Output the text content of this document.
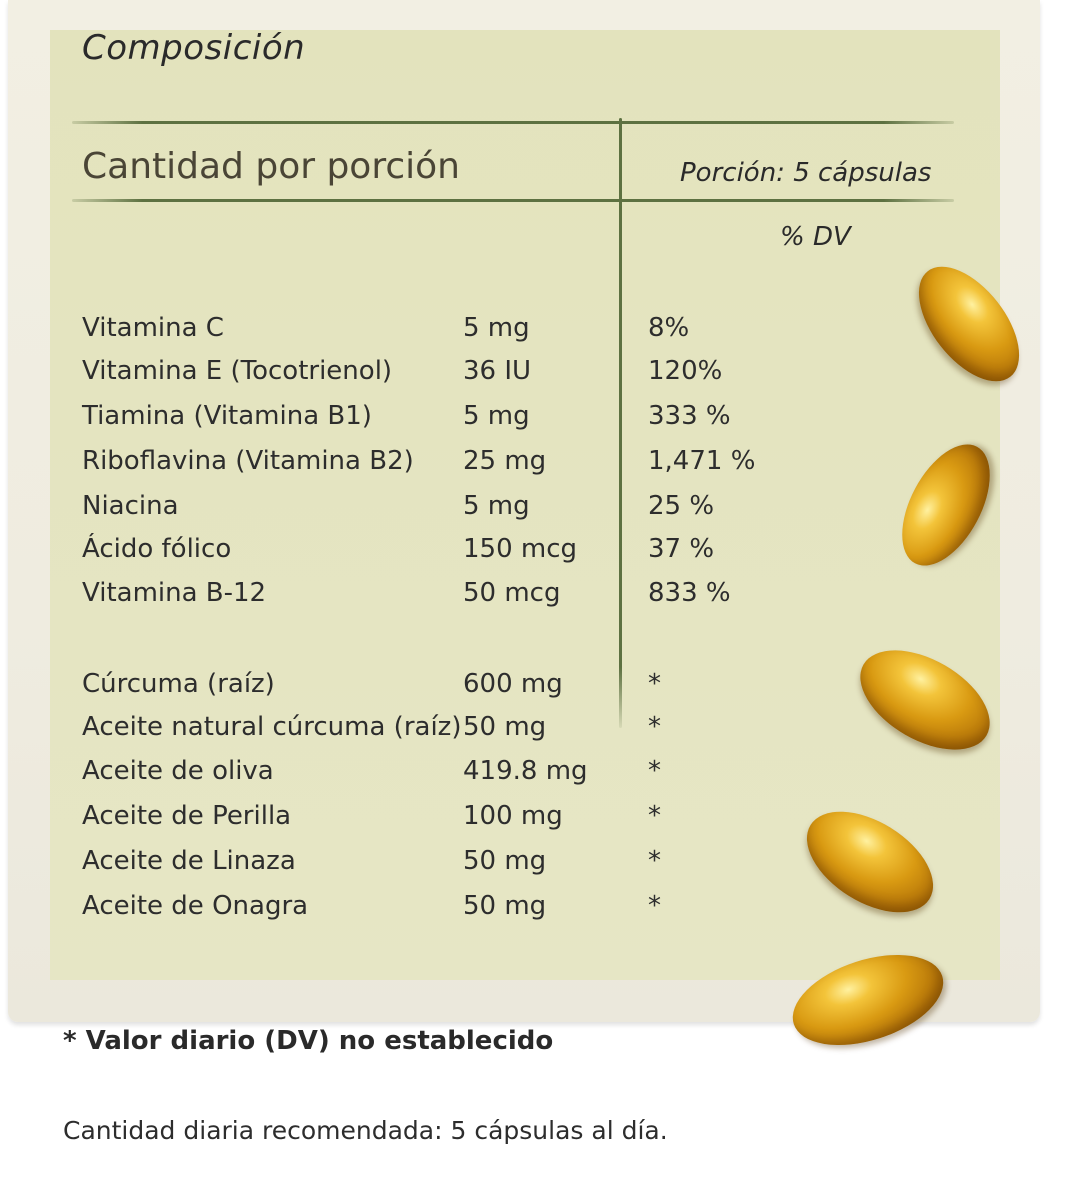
Composición
Cantidad por porción	Porción: 5 cápsulas
% DV
Vitamina C	5 mg	8%
Vitamina E (Tocotrienol)	36 IU	120%
Tiamina (Vitamina B1)	5 mg	333 %
Riboflavina (Vitamina B2) 25 mg	1,471 %
Niacina	5 mg	25 %
Ácido fólico	150 mcg	37 %
Vitamina B-12	50 mcg	833 %
Cúrcuma (raíz)	600 mg	*
Aceite natural cúrcuma (raíz) 50 mg	*
Aceite de oliva	419.8 mg *
Aceite de Perilla	100 mg	*
Aceite de Linaza	50 mg	*
Aceite de Onagra	50 mg	*
* Valor diario (DV) no establecido
Cantidad diaria recomendada: 5 cápsulas al día.
